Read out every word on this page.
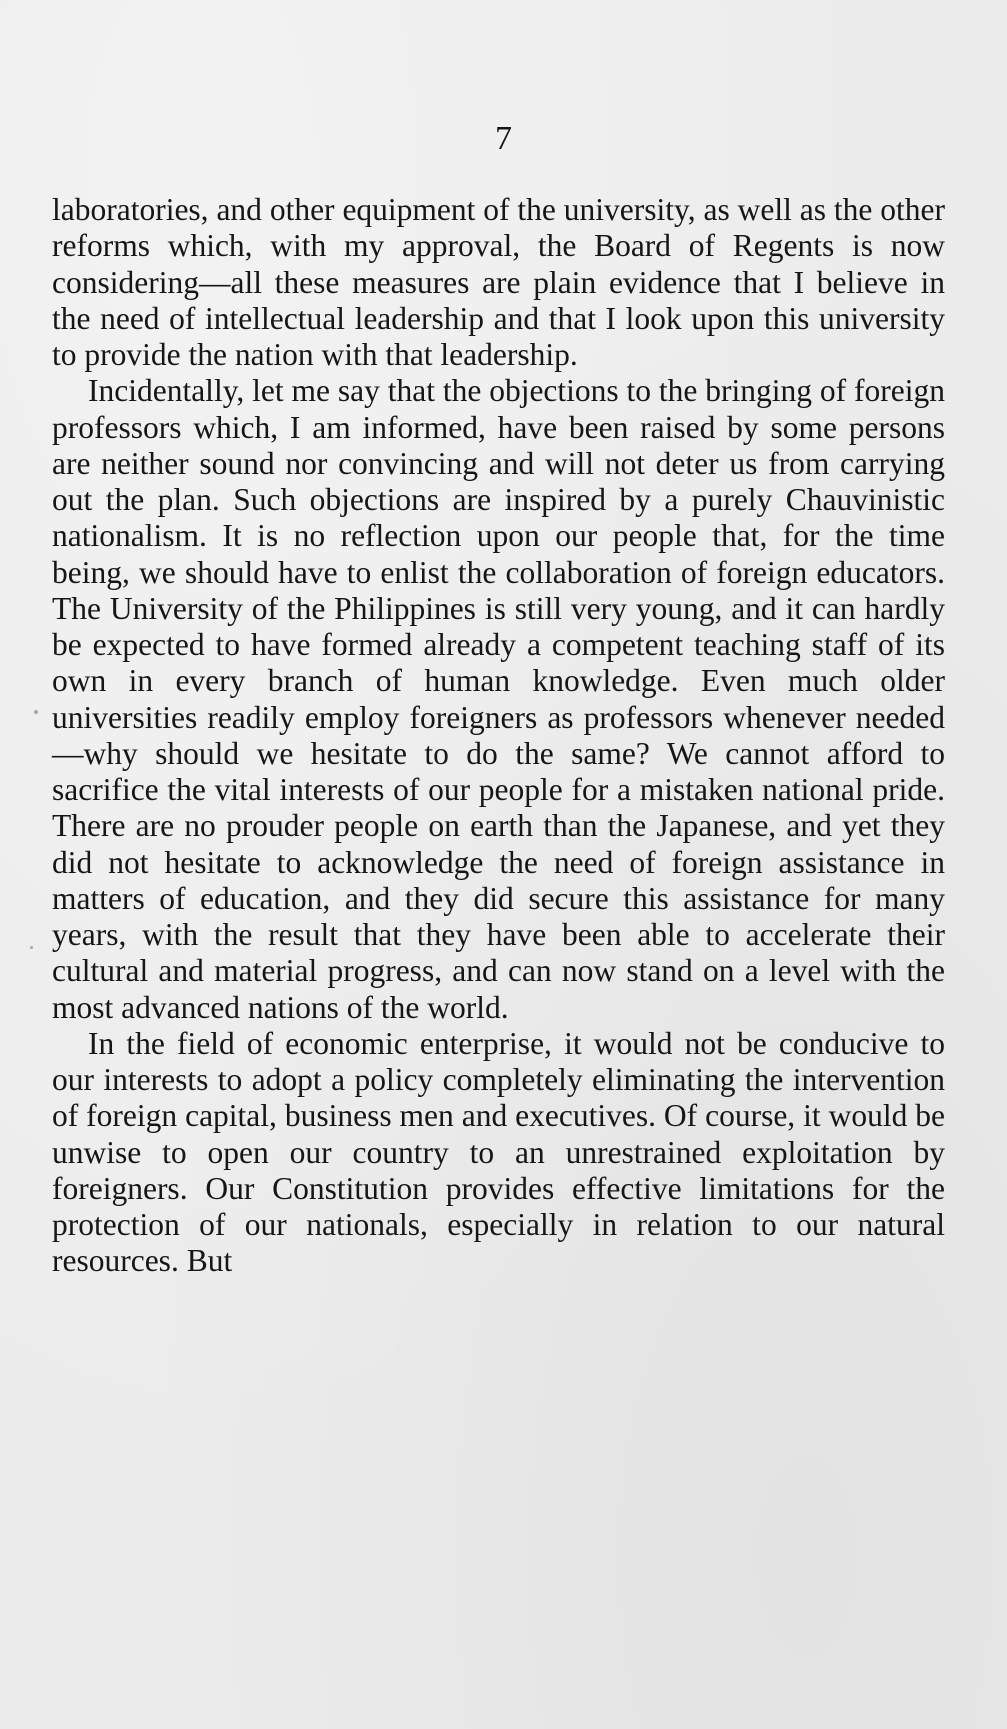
7

laboratories, and other equipment of the university, as well as the other reforms which, with my approval, the Board of Regents is now considering—all these measures are plain evidence that I believe in the need of intellectual leadership and that I look upon this university to provide the nation with that leadership.

Incidentally, let me say that the objections to the bringing of foreign professors which, I am informed, have been raised by some persons are neither sound nor convincing and will not deter us from carrying out the plan. Such objections are inspired by a purely Chauvinistic nationalism. It is no reflection upon our people that, for the time being, we should have to enlist the collaboration of foreign educators. The University of the Philippines is still very young, and it can hardly be expected to have formed already a competent teaching staff of its own in every branch of human knowledge. Even much older universities readily employ foreigners as professors whenever needed—why should we hesitate to do the same? We cannot afford to sacrifice the vital interests of our people for a mistaken national pride. There are no prouder people on earth than the Japanese, and yet they did not hesitate to acknowledge the need of foreign assistance in matters of education, and they did secure this assistance for many years, with the result that they have been able to accelerate their cultural and material progress, and can now stand on a level with the most advanced nations of the world.

In the field of economic enterprise, it would not be conducive to our interests to adopt a policy completely eliminating the intervention of foreign capital, business men and executives. Of course, it would be unwise to open our country to an unrestrained exploitation by foreigners. Our Constitution provides effective limitations for the protection of our nationals, especially in relation to our natural resources. But
